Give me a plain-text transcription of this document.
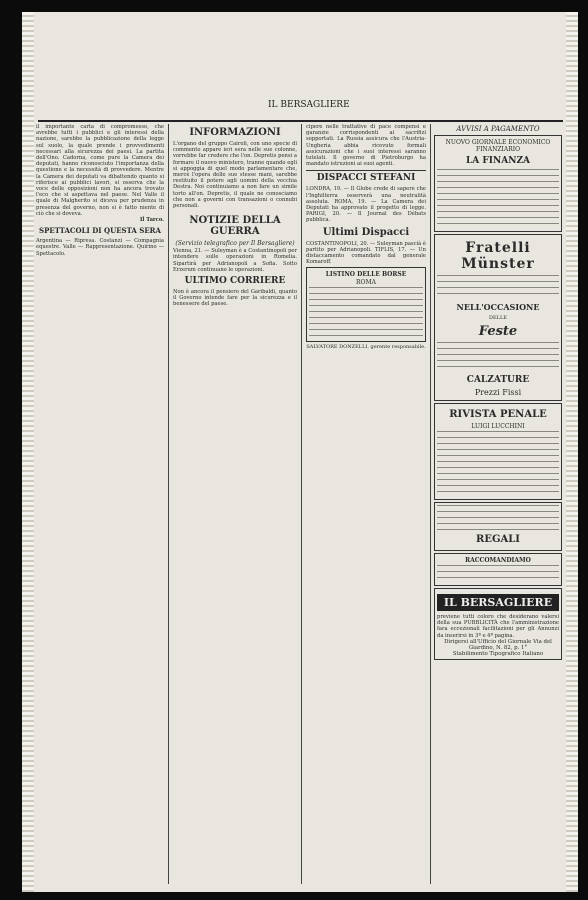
IL BERSAGLIERE

il importante carta di compromesso, che avrebbe tutti i pubblici e gli interessi della nazione, sarebbe la pubblicazione della legge sul suolo, la quale prende i provvedimenti necessari alla sicurezza dei paesi. La partita dell'Ono. Cadorna, come pure la Camera dei deputati, hanno riconosciuto l'importanza della questione e la necessità di provvedere. Mentre la Camera dei deputati va dibattendo quanto si riferisce ai pubblici lavori, si osserva che la voce delle opposizioni non ha ancora trovato l'eco che si aspettava nel paese. Nel Valle il quale di Malgherito si diceva per prudenza in presenza del governo, non si è fatto niente di ciò che si doveva.

Il Tarco.

SPETTACOLI DI QUESTA SERA

Argentina — Ripresa. Costanzi — Compagnia equestre. Valle — Rappresentazione. Quirino — Spettacolo.

INFORMAZIONI

L'organo del gruppo Cairoli, con uno specie di commento appare ieri sera nelle sue colonne, vorrebbe far credere che l'on. Depretis pensi a formare il nuovo ministero, tranne quando egli si appoggia di quel modo parlamentare che, mercè l'opera delle sue stesse mani, sarebbe restituito il potere agli uomini della vecchia Destra. Noi continuiamo a non fare un simile torto all'on. Depretis, il quale ne conosciamo che non a governi con transazioni o connubi personali.

NOTIZIE DELLA GUERRA
(Servizio telegrafico per Il Bersagliere)

Vienna, 21. — Suleyman è a Costantinopoli per intendere sulle operazioni in Romelia. Sipartirà per Adrianopoli a Sofia. Sotto Erzerum continuano le operazioni.

ULTIMO CORRIERE

Non è ancora il pensiero del Garibaldi, quanto il Governo intende fare per la sicurezza e il benessere del paese.

cipere nelle trattative di pace compensi e garanzie corrispondenti ai sacrifizi sopportati. La Russia assicura che l'Austria-Ungheria abbia ricevuto formali assicurazioni che i suoi interessi saranno tutelati. Il governo di Pietroburgo ha mandato istruzioni ai suoi agenti.

DISPACCI STEFANI

LONDRA, 19. — Il Globe crede di sapere che l'Inghilterra osserverà una neutralità assoluta. ROMA, 19. — La Camera dei Deputati ha approvato il progetto di legge. PARIGI, 20. — Il Journal des Débats pubblica.

Ultimi Dispacci

COSTANTINOPOLI, 20. — Suleyman pascià è partito per Adrianopoli. TIFLIS, 17. — Un distaccamento comandato dal generale Komaroff.

LISTINO DELLE BORSE
ROMA
SALVATORE DONZELLI, gerente responsabile.
AVVISI A PAGAMENTO
NUOVO GIORNALE ECONOMICO FINANZIARIO
LA FINANZA
Fratelli Münster
NELL'OCCASIONE
DELLE
Feste
CALZATURE
Prezzi Fissi
RIVISTA PENALE
LUIGI LUCCHINI
REGALI
RACCOMANDIAMO
IL BERSAGLIERE

previene tutti coloro che desiderano valersi della sua PUBBLICITÀ che l'amministrazione fara eccezionali facilitazioni per gli Annunzi da inserirsi in 3ª e 4ª pagina.

Dirigersi all'Ufficio del Giornale Via del Giardino, N. 82, p. 1°
Stabilimento Tipografico Italiano
